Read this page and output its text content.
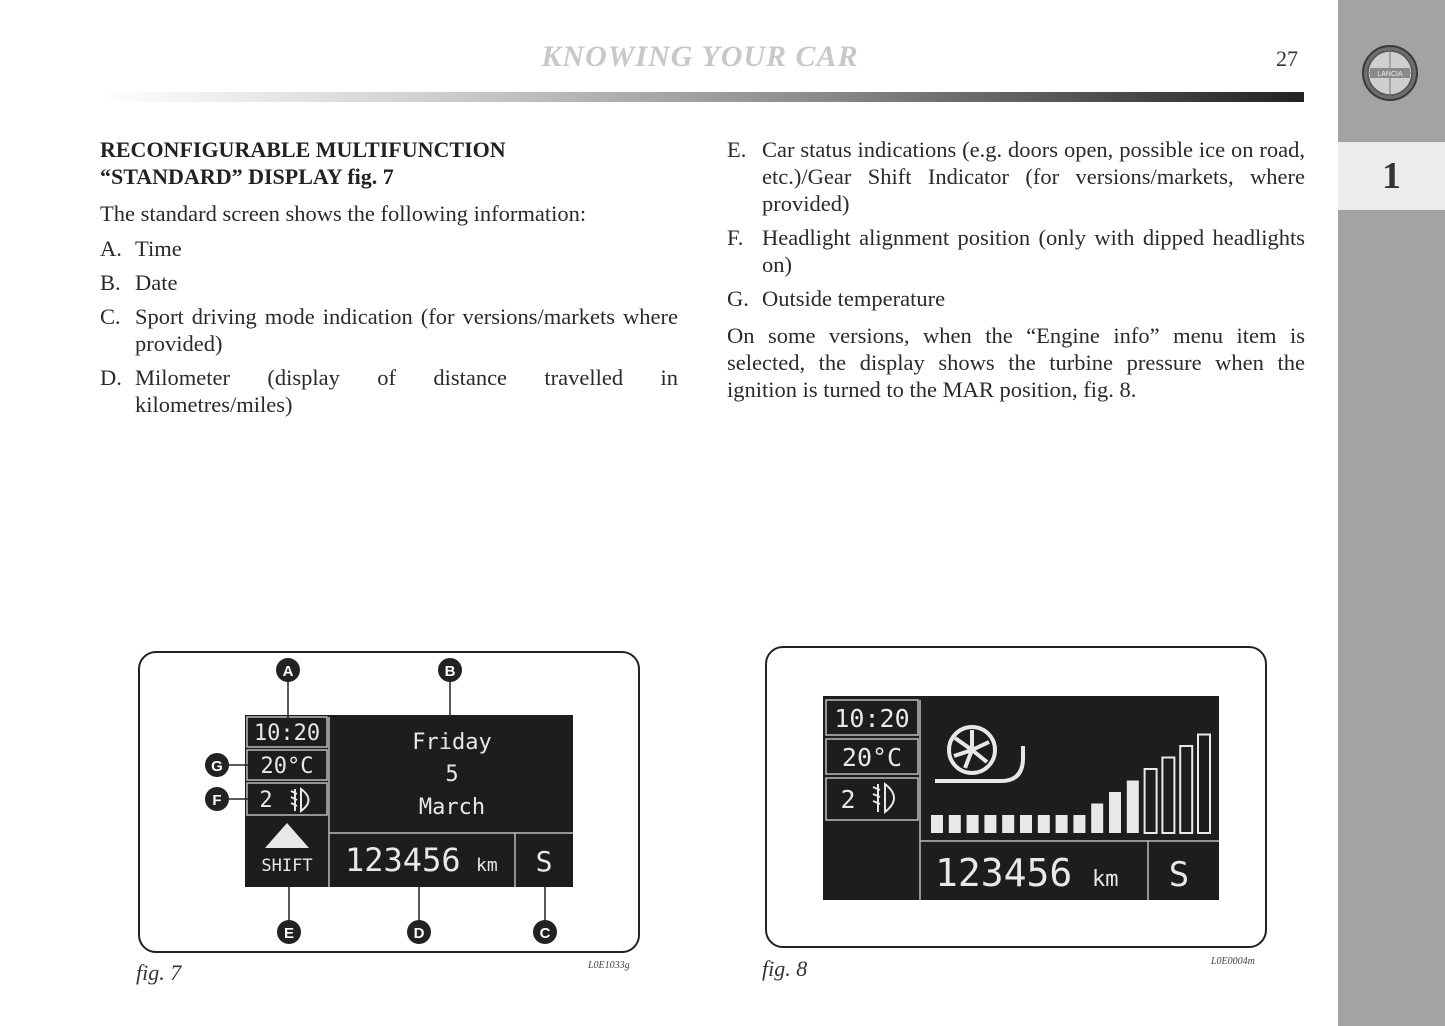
KNOWING YOUR CAR	27
LANCIA
1
RECONFIGURABLE MULTIFUNCTION
“STANDARD” DISPLAY fig. 7

The standard screen shows the following information:

A. Time
B. Date
C. Sport driving mode indication (for versions/markets where provided)
D. Milometer (display of distance travelled in kilometres/miles)
E. Car status indications (e.g. doors open, possible ice on road, etc.)/Gear Shift Indicator (for versions/markets, where provided)
F. Headlight alignment position (only with dipped headlights on)
G. Outside temperature

On some versions, when the “Engine info” menu item is selected, the display shows the turbine pressure when the ignition is turned to the MAR position, fig. 8.

10:20
20°C
2
SHIFT
Friday
5
March
123456 km S
A	B
C
D
E
G
F
fig. 7	L0E1033g
10:20
20°C
2
123456 km S
fig. 8	L0E0004m
